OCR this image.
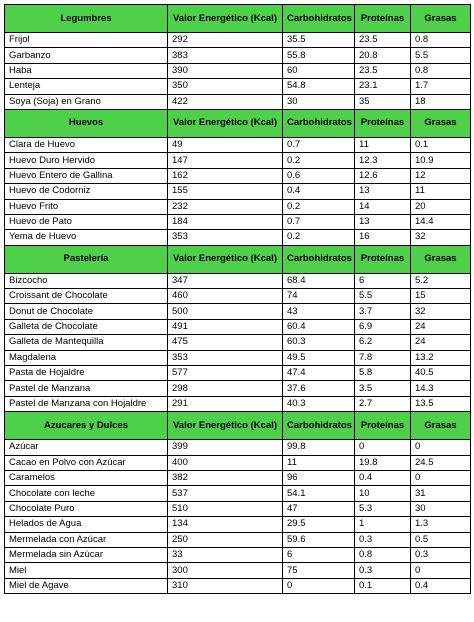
Legumbres	Valor Energético (Kcal)	Carbohidratos	Proteínas	Grasas
Frijol	292	35.5	23.5	0.8
Garbanzo	383	55.8	20.8	5.5
Haba	390	60	23.5	0.8
Lenteja	350	54.8	23.1	1.7
Soya (Soja) en Grano	422	30	35	18
Huevos	Valor Energético (Kcal)	Carbohidratos	Proteínas	Grasas
Clara de Huevo	49	0.7	11	0.1
Huevo Duro Hervido	147	0.2	12.3	10.9
Huevo Entero de Gallina	162	0.6	12.6	12
Huevo de Codorniz	155	0.4	13	11
Huevo Frito	232	0.2	14	20
Huevo de Pato	184	0.7	13	14.4
Yema de Huevo	353	0.2	16	32
Pastelería	Valor Energético (Kcal)	Carbohidratos	Proteínas	Grasas
Bizcocho	347	68.4	6	5.2
Croissant de Chocolate	460	74	5.5	15
Donut de Chocolate	500	43	3.7	32
Galleta de Chocolate	491	60.4	6.9	24
Galleta de Mantequilla	475	60.3	6.2	24
Magdalena	353	49.5	7.8	13.2
Pasta de Hojaldre	577	47.4	5.8	40.5
Pastel de Manzana	298	37.6	3.5	14.3
Pastel de Manzana con Hojaldre	291	40.3	2.7	13.5
Azucares y Dulces	Valor Energético (Kcal)	Carbohidratos	Proteínas	Grasas
Azúcar	399	99.8	0	0
Cacao en Polvo con Azúcar	400	11	19.8	24.5
Caramelos	382	96	0.4	0
Chocolate con leche	537	54.1	10	31
Chocolate Puro	510	47	5.3	30
Helados de Agua	134	29.5	1	1.3
Mermelada con Azúcar	250	59.6	0.3	0.5
Mermelada sin Azúcar	33	6	0.8	0.3
Miel	300	75	0.3	0
Miel de Agave	310	0	0.1	0.4
